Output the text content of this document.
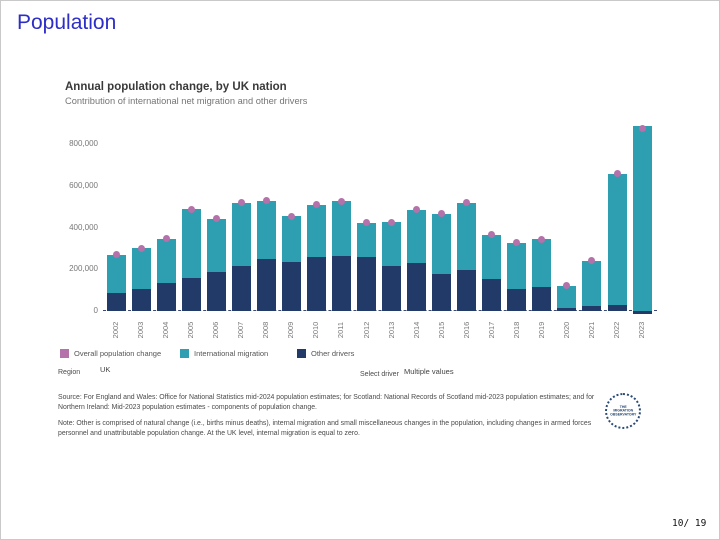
Population
Annual population change, by UK nation
Contribution of international net migration and other drivers
0
200,000
400,000
600,000
800,000
2002 2003 2004 2005 2006 2007 2008 2009 2010 2011 2012 2013 2014 2015 2016 2017 2018 2019 2020 2021 2022 2023
Overall population change	International migration	Other drivers
Region	UK
Select driver Multiple values
Source: For England and Wales: Office for National Statistics mid-2024 population estimates; for Scotland: National Records of Scotland mid-2023 population estimates; and for Northern Ireland: Mid-2023 population estimates - components of population change.
Note: Other is comprised of natural change (i.e., births minus deaths), internal migration and small miscellaneous changes in the population, including changes in armed forces personnel and unattributable population change. At the UK level, internal migration is equal to zero.
THE MIGRATION OBSERVATORY
10/ 19
